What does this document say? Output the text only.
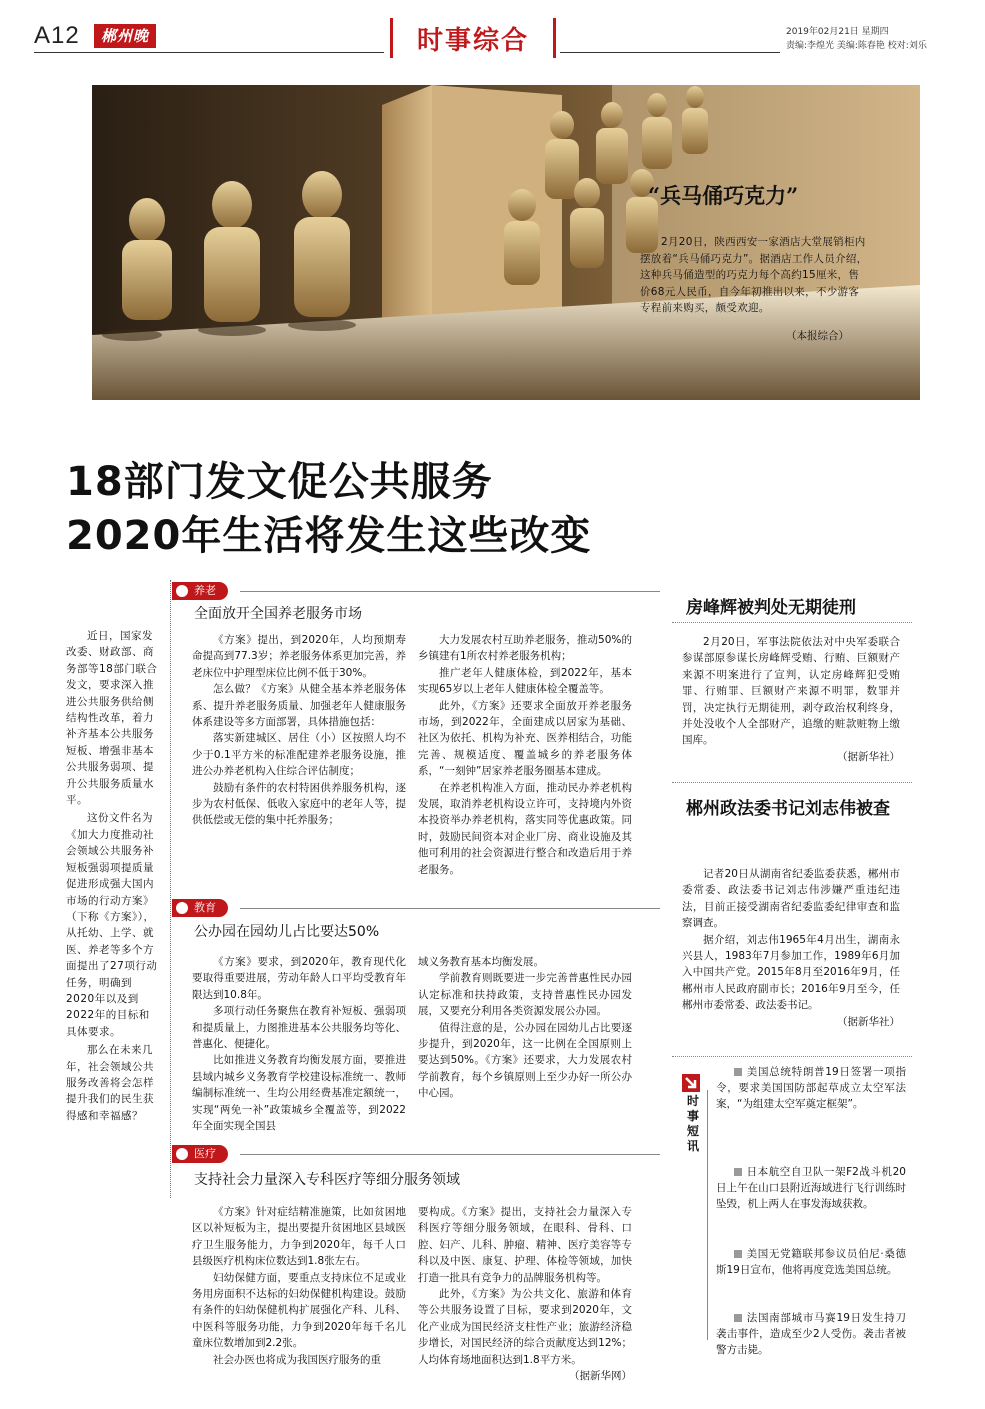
A12	郴州晚报
时事综合	2019年02月21日 星期四
责编:李煌光 美编:陈春艳 校对:刘乐
“兵马俑巧克力”
2月20日，陕西西安一家酒店大堂展销柜内摆放着“兵马俑巧克力”。据酒店工作人员介绍，这种兵马俑造型的巧克力每个高约15厘米，售价68元人民币，自今年初推出以来，不少游客专程前来购买，颇受欢迎。
（本报综合）
18部门发文促公共服务
2020年生活将发生这些改变

近日，国家发改委、财政部、商务部等18部门联合发文，要求深入推进公共服务供给侧结构性改革，着力补齐基本公共服务短板、增强非基本公共服务弱项、提升公共服务质量水平。

这份文件名为《加大力度推动社会领域公共服务补短板强弱项提质量 促进形成强大国内市场的行动方案》（下称《方案》），从托幼、上学、就医、养老等多个方面提出了27项行动任务，明确到2020年以及到2022年的目标和具体要求。

那么在未来几年，社会领域公共服务改善将会怎样提升我们的民生获得感和幸福感？

养老
全面放开全国养老服务市场

《方案》提出，到2020年，人均预期寿命提高到77.3岁；养老服务体系更加完善，养老床位中护理型床位比例不低于30%。

怎么做？《方案》从健全基本养老服务体系、提升养老服务质量、加强老年人健康服务体系建设等多方面部署，具体措施包括：

落实新建城区、居住（小）区按照人均不少于0.1平方米的标准配建养老服务设施，推进公办养老机构入住综合评估制度；

鼓励有条件的农村特困供养服务机构，逐步为农村低保、低收入家庭中的老年人等，提供低偿或无偿的集中托养服务；

大力发展农村互助养老服务，推动50%的乡镇建有1所农村养老服务机构；

推广老年人健康体检，到2022年，基本实现65岁以上老年人健康体检全覆盖等。

此外，《方案》还要求全面放开养老服务市场，到2022年，全面建成以居家为基础、社区为依托、机构为补充、医养相结合，功能完善、规模适度、覆盖城乡的养老服务体系，“一刻钟”居家养老服务圈基本建成。

在养老机构准入方面，推动民办养老机构发展，取消养老机构设立许可，支持境内外资本投资举办养老机构，落实同等优惠政策。同时，鼓励民间资本对企业厂房、商业设施及其他可利用的社会资源进行整合和改造后用于养老服务。

教育
公办园在园幼儿占比要达50%

《方案》要求，到2020年，教育现代化要取得重要进展，劳动年龄人口平均受教育年限达到10.8年。

多项行动任务聚焦在教育补短板、强弱项和提质量上，力图推进基本公共服务均等化、普惠化、便捷化。

比如推进义务教育均衡发展方面，要推进县域内城乡义务教育学校建设标准统一、教师编制标准统一、生均公用经费基准定额统一，实现“两免一补”政策城乡全覆盖等，到2022年全面实现全国县

域义务教育基本均衡发展。

学前教育则既要进一步完善普惠性民办园认定标准和扶持政策，支持普惠性民办园发展，又要充分利用各类资源发展公办园。

值得注意的是，公办园在园幼儿占比要逐步提升，到2020年，这一比例在全国原则上要达到50%。《方案》还要求，大力发展农村学前教育，每个乡镇原则上至少办好一所公办中心园。

医疗
支持社会力量深入专科医疗等细分服务领域

《方案》针对症结精准施策，比如贫困地区以补短板为主，提出要提升贫困地区县域医疗卫生服务能力，力争到2020年，每千人口县级医疗机构床位数达到1.8张左右。

妇幼保健方面，要重点支持床位不足或业务用房面积不达标的妇幼保健机构建设。鼓励有条件的妇幼保健机构扩展强化产科、儿科、中医科等服务功能，力争到2020年每千名儿童床位数增加到2.2张。

社会办医也将成为我国医疗服务的重

要构成。《方案》提出，支持社会力量深入专科医疗等细分服务领域，在眼科、骨科、口腔、妇产、儿科、肿瘤、精神、医疗美容等专科以及中医、康复、护理、体检等领域，加快打造一批具有竞争力的品牌服务机构等。

此外，《方案》为公共文化、旅游和体育等公共服务设置了目标，要求到2020年，文化产业成为国民经济支柱性产业；旅游经济稳步增长，对国民经济的综合贡献度达到12%；人均体育场地面积达到1.8平方米。

（据新华网）
房峰辉被判处无期徒刑

2月20日，军事法院依法对中央军委联合参谋部原参谋长房峰辉受贿、行贿、巨额财产来源不明案进行了宣判，认定房峰辉犯受贿罪、行贿罪、巨额财产来源不明罪，数罪并罚，决定执行无期徒刑，剥夺政治权利终身，并处没收个人全部财产，追缴的赃款赃物上缴国库。

（据新华社）
郴州政法委书记刘志伟被查

记者20日从湖南省纪委监委获悉，郴州市委常委、政法委书记刘志伟涉嫌严重违纪违法，目前正接受湖南省纪委监委纪律审查和监察调查。

据介绍，刘志伟1965年4月出生，湖南永兴县人，1983年7月参加工作，1989年6月加入中国共产党。2015年8月至2016年9月，任郴州市人民政府副市长；2016年9月至今，任郴州市委常委、政法委书记。

（据新华社）
时事短讯
美国总统特朗普19日签署一项指令，要求美国国防部起草成立太空军法案，“为组建太空军奠定框架”。
日本航空自卫队一架F2战斗机20日上午在山口县附近海域进行飞行训练时坠毁，机上两人在事发海域获救。
美国无党籍联邦参议员伯尼·桑德斯19日宣布，他将再度竞选美国总统。
法国南部城市马赛19日发生持刀袭击事件，造成至少2人受伤。袭击者被警方击毙。
